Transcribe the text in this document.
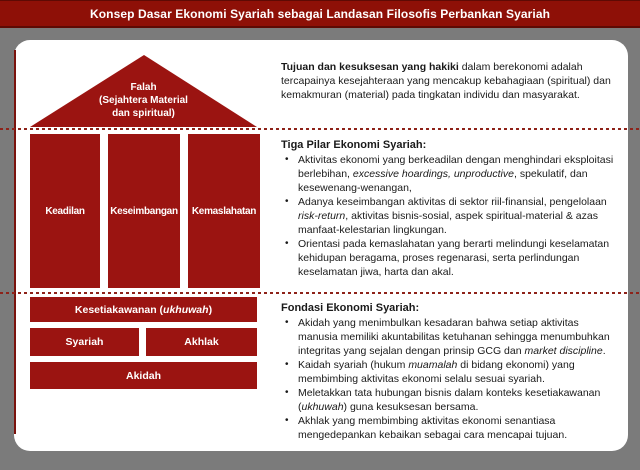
Konsep Dasar Ekonomi Syariah sebagai Landasan Filosofis Perbankan Syariah
Falah
(Sejahtera Material
dan spiritual)
Keadilan	Keseimbangan Kemaslahatan
Kesetiakawanan (ukhuwah)
Syariah	Akhlak
Akidah
Tujuan dan kesuksesan yang hakiki dalam berekonomi adalah tercapainya kesejahteraan yang mencakup kebahagiaan (spiritual) dan kemakmuran (material) pada tingkatan individu dan masyarakat.
Tiga Pilar Ekonomi Syariah:
• Aktivitas ekonomi yang berkeadilan dengan menghindari eksploitasi berlebihan, excessive hoardings, unproductive, spekulatif, dan kesewenang-wenangan,
• Adanya keseimbangan aktivitas di sektor riil-finansial, pengelolaan risk-return, aktivitas bisnis-sosial, aspek spiritual-material & azas manfaat-kelestarian lingkungan.
• Orientasi pada kemaslahatan yang berarti melindungi keselamatan kehidupan beragama, proses regenarasi, serta perlindungan keselamatan jiwa, harta dan akal.
Fondasi Ekonomi Syariah:
• Akidah yang menimbulkan kesadaran bahwa setiap aktivitas manusia memiliki akuntabilitas ketuhanan sehingga menumbuhkan integritas yang sejalan dengan prinsip GCG dan market discipline.
• Kaidah syariah (hukum muamalah di bidang ekonomi) yang membimbing aktivitas ekonomi selalu sesuai syariah.
• Meletakkan tata hubungan bisnis dalam konteks kesetiakawanan (ukhuwah) guna kesuksesan bersama.
• Akhlak yang membimbing aktivitas ekonomi senantiasa mengedepankan kebaikan sebagai cara mencapai tujuan.
